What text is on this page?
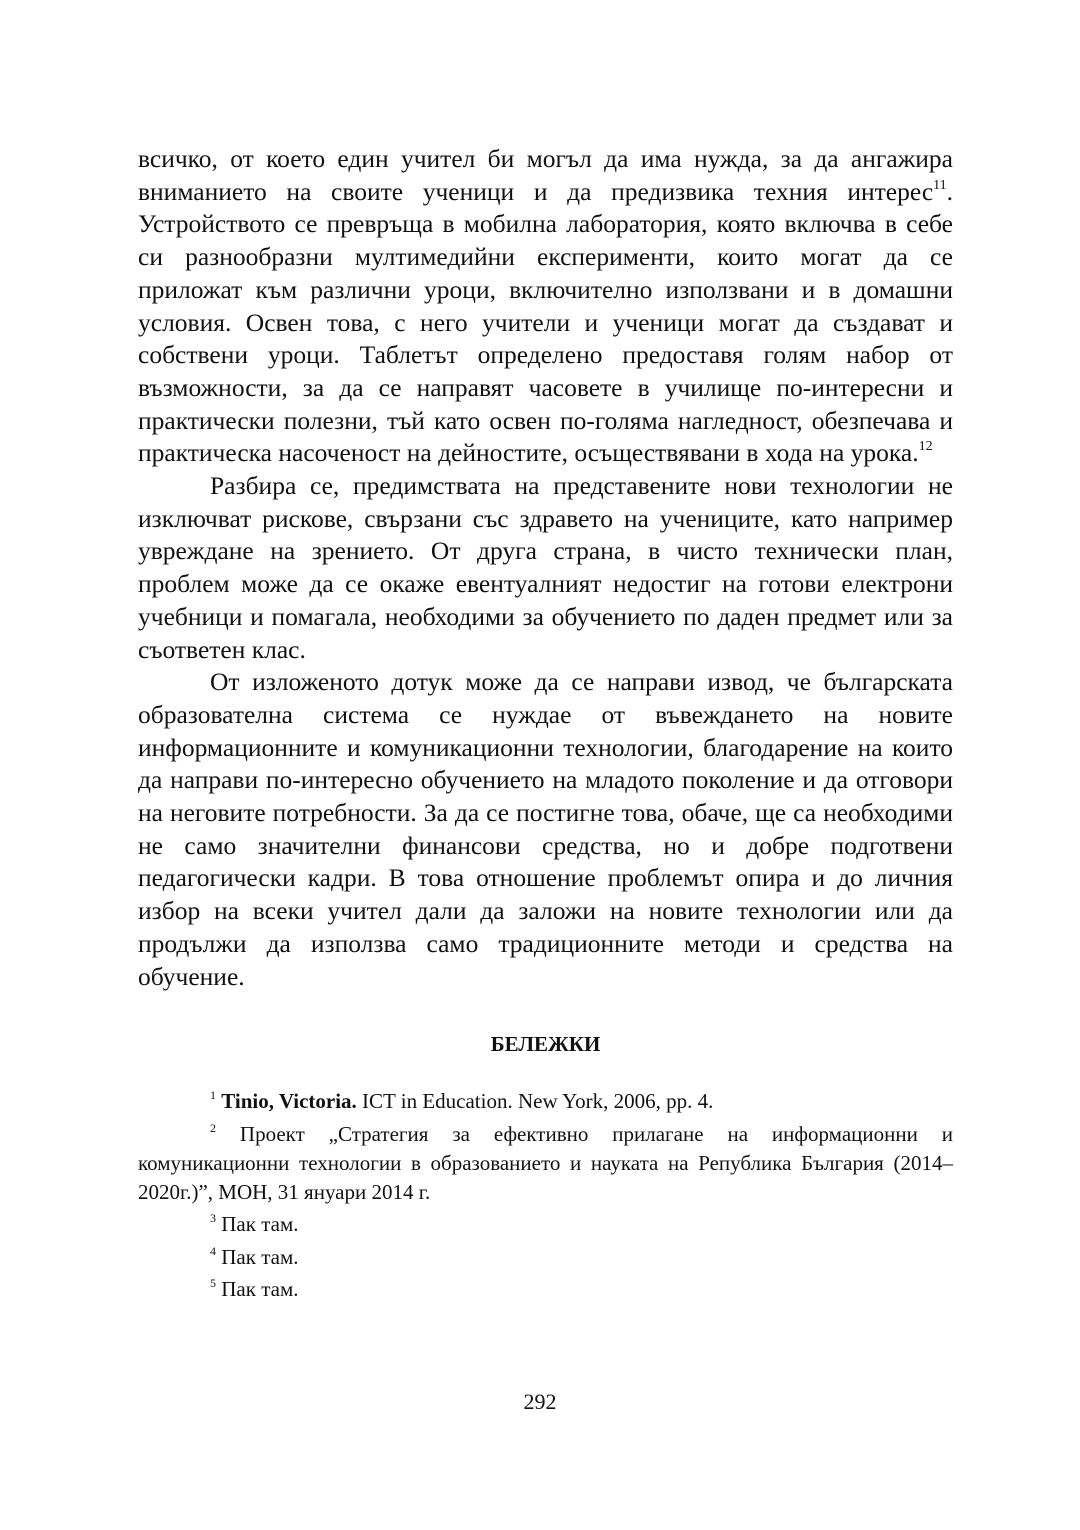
всичко, от което един учител би могъл да има нужда, за да ангажира вниманието на своите ученици и да предизвика техния интерес$^{11}$. Устройството се превръща в мобилна лаборатория, която включва в себе си разнообразни мултимедийни експерименти, които могат да се приложат към различни уроци, включително използвани и в домашни условия. Освен това, с него учители и ученици могат да създават и собствени уроци. Таблетът определено предоставя голям набор от възможности, за да се направят часовете в училище по-интересни и практически полезни, тъй като освен по-голяма нагледност, обезпечава и практическа насоченост на дейностите, осъществявани в хода на урока.$^{12}$

Разбира се, предимствата на представените нови технологии не изключват рискове, свързани със здравето на учениците, като например увреждане на зрението. От друга страна, в чисто технически план, проблем може да се окаже евентуалният недостиг на готови електрони учебници и помагала, необходими за обучението по даден предмет или за съответен клас.

От изложеното дотук може да се направи извод, че българската образователна система се нуждае от въвеждането на новите информационните и комуникационни технологии, благодарение на които да направи по-интересно обучението на младото поколение и да отговори на неговите потребности. За да се постигне това, обаче, ще са необходими не само значителни финансови средства, но и добре подготвени педагогически кадри. В това отношение проблемът опира и до личния избор на всеки учител дали да заложи на новите технологии или да продължи да използва само традиционните методи и средства на обучение.

БЕЛЕЖКИ

$^1$ Tinio, Victoria. ICT in Education. New York, 2006, pp. 4.

$^2$ Проект „Стратегия за ефективно прилагане на информационни и комуникационни технологии в образованието и науката на Република България (2014–2020г.)”, МОН, 31 януари 2014 г.

$^3$ Пак там.

$^4$ Пак там.

$^5$ Пак там.

292
